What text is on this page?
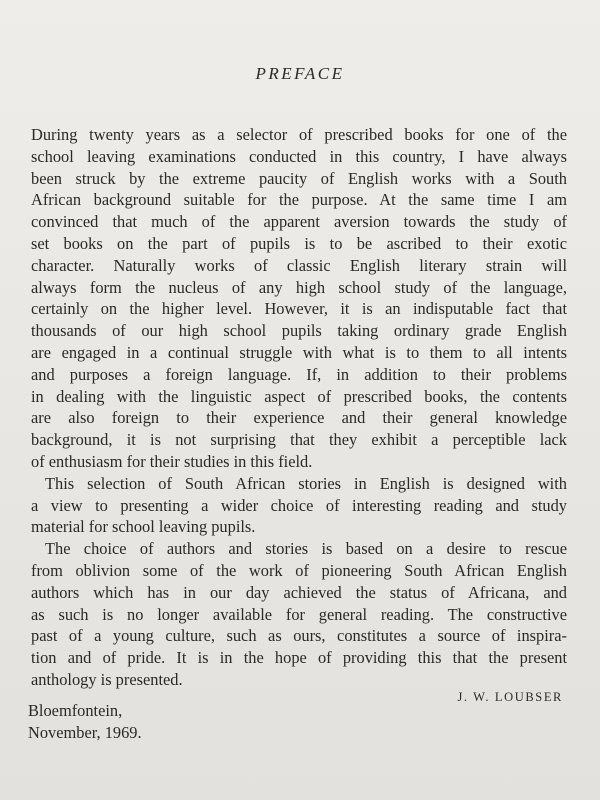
PREFACE

During twenty years as a selector of prescribed books for one of the
school leaving examinations conducted in this country, I have always
been struck by the extreme paucity of English works with a South
African background suitable for the purpose. At the same time I am
convinced that much of the apparent aversion towards the study of
set books on the part of pupils is to be ascribed to their exotic
character. Naturally works of classic English literary strain will
always form the nucleus of any high school study of the language,
certainly on the higher level. However, it is an indisputable fact that
thousands of our high school pupils taking ordinary grade English
are engaged in a continual struggle with what is to them to all intents
and purposes a foreign language. If, in addition to their problems
in dealing with the linguistic aspect of prescribed books, the contents
are also foreign to their experience and their general knowledge
background, it is not surprising that they exhibit a perceptible lack
of enthusiasm for their studies in this field.

This selection of South African stories in English is designed with
a view to presenting a wider choice of interesting reading and study
material for school leaving pupils.

The choice of authors and stories is based on a desire to rescue
from oblivion some of the work of pioneering South African English
authors which has in our day achieved the status of Africana, and
as such is no longer available for general reading. The constructive
past of a young culture, such as ours, constitutes a source of inspira-
tion and of pride. It is in the hope of providing this that the present
anthology is presented.

J. W. LOUBSER
Bloemfontein,
November, 1969.
